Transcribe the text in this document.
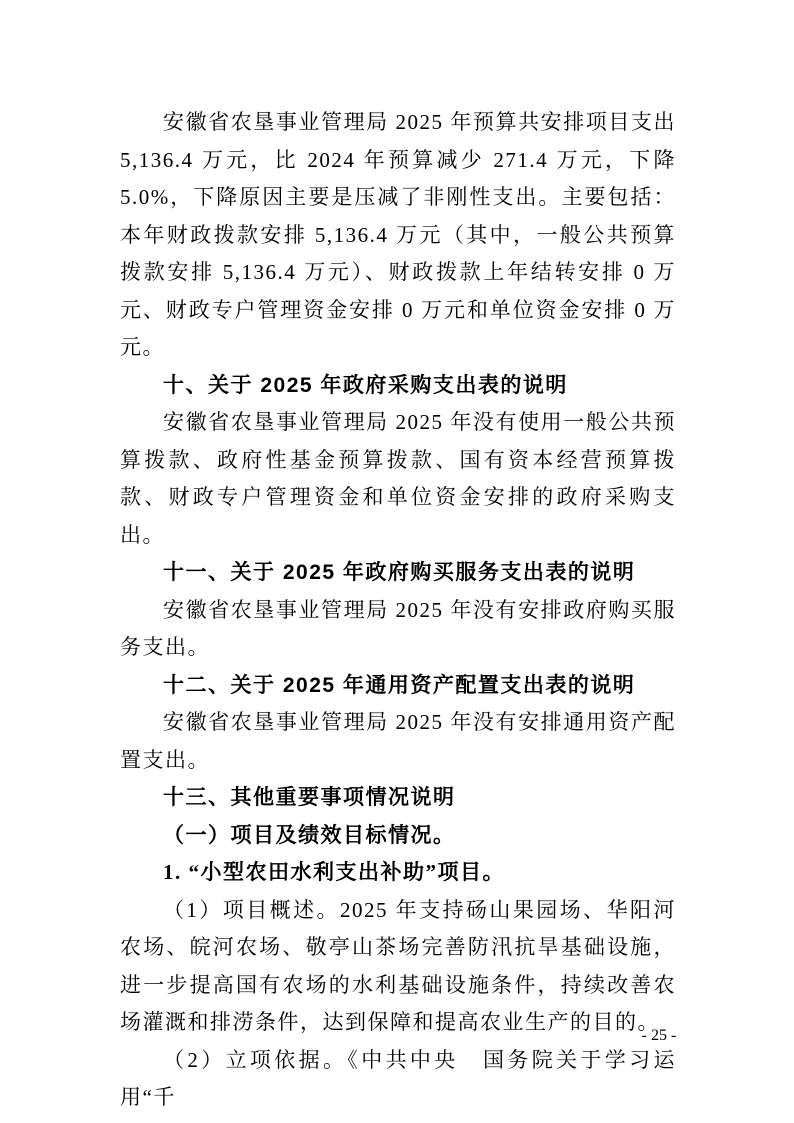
安徽省农垦事业管理局 2025 年预算共安排项目支出 5,136.4 万元，比 2024 年预算减少 271.4 万元，下降 5.0%，下降原因主要是压减了非刚性支出。主要包括：本年财政拨款安排 5,136.4 万元（其中，一般公共预算拨款安排 5,136.4 万元）、财政拨款上年结转安排 0 万元、财政专户管理资金安排 0 万元和单位资金安排 0 万元。

十、关于 2025 年政府采购支出表的说明

安徽省农垦事业管理局 2025 年没有使用一般公共预算拨款、政府性基金预算拨款、国有资本经营预算拨款、财政专户管理资金和单位资金安排的政府采购支出。

十一、关于 2025 年政府购买服务支出表的说明

安徽省农垦事业管理局 2025 年没有安排政府购买服务支出。

十二、关于 2025 年通用资产配置支出表的说明

安徽省农垦事业管理局 2025 年没有安排通用资产配置支出。

十三、其他重要事项情况说明

（一）项目及绩效目标情况。

1. “小型农田水利支出补助”项目。

（1）项目概述。2025 年支持砀山果园场、华阳河农场、皖河农场、敬亭山茶场完善防汛抗旱基础设施，进一步提高国有农场的水利基础设施条件，持续改善农场灌溉和排涝条件，达到保障和提高农业生产的目的。

（2）立项依据。《中共中央　国务院关于学习运用“千

- 25 -
